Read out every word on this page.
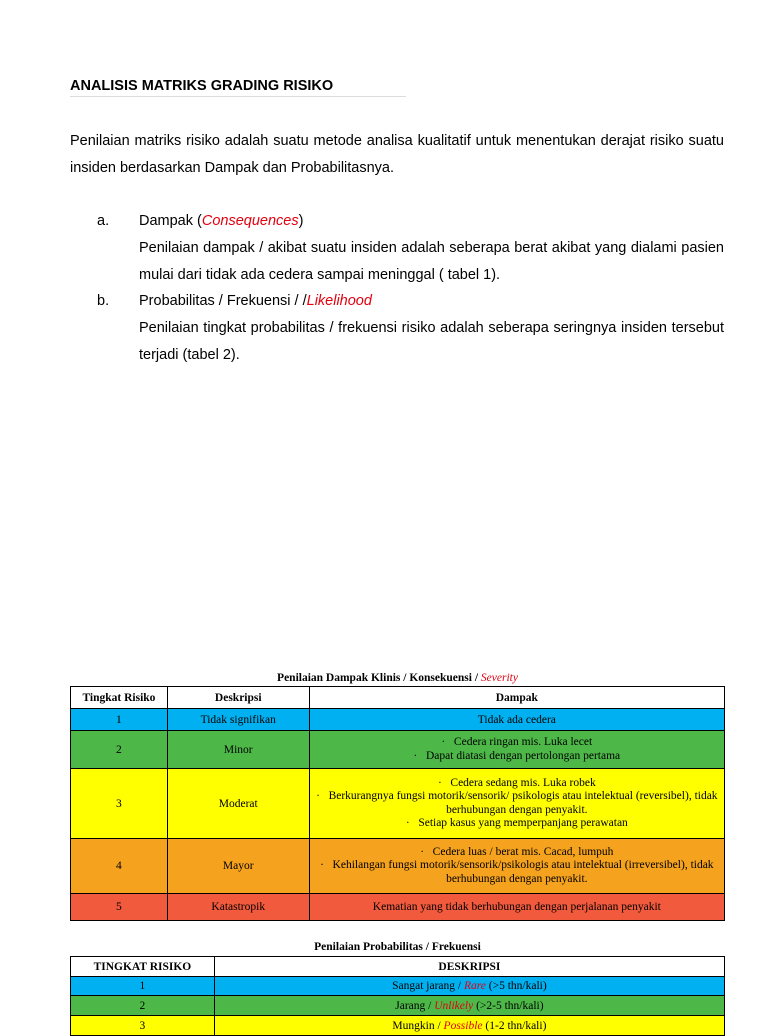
ANALISIS MATRIKS GRADING RISIKO
Penilaian matriks risiko adalah suatu metode analisa kualitatif untuk menentukan derajat risiko suatu insiden berdasarkan Dampak dan Probabilitasnya.
a. Dampak (Consequences)
Penilaian dampak / akibat suatu insiden adalah seberapa berat akibat yang dialami pasien mulai dari tidak ada cedera sampai meninggal ( tabel 1).
b. Probabilitas / Frekuensi / /Likelihood
Penilaian tingkat probabilitas / frekuensi risiko adalah seberapa seringnya insiden tersebut terjadi (tabel 2).
Penilaian Dampak Klinis / Konsekuensi / Severity
Tingkat Risiko	Deskripsi	Dampak
1	Tidak signifikan	Tidak ada cedera
2	Minor	· Cedera ringan mis. Luka lecet
· Dapat diatasi dengan pertolongan pertama

3	Moderat	· Cedera sedang mis. Luka robek
· Berkurangnya fungsi motorik/sensorik/ psikologis atau intelektual (reversibel), tidak berhubungan dengan penyakit.
· Setiap kasus yang memperpanjang perawatan

4	Mayor	· Cedera luas / berat mis. Cacad, lumpuh
· Kehilangan fungsi motorik/sensorik/psikologis atau intelektual (irreversibel), tidak berhubungan dengan penyakit.

5	Katastropik	Kematian yang tidak berhubungan dengan perjalanan penyakit
Penilaian Probabilitas / Frekuensi
TINGKAT RISIKO	DESKRIPSI
1	Sangat jarang / Rare (>5 thn/kali)
2	Jarang / Unlikely (>2-5 thn/kali)
3	Mungkin / Possible (1-2 thn/kali)
